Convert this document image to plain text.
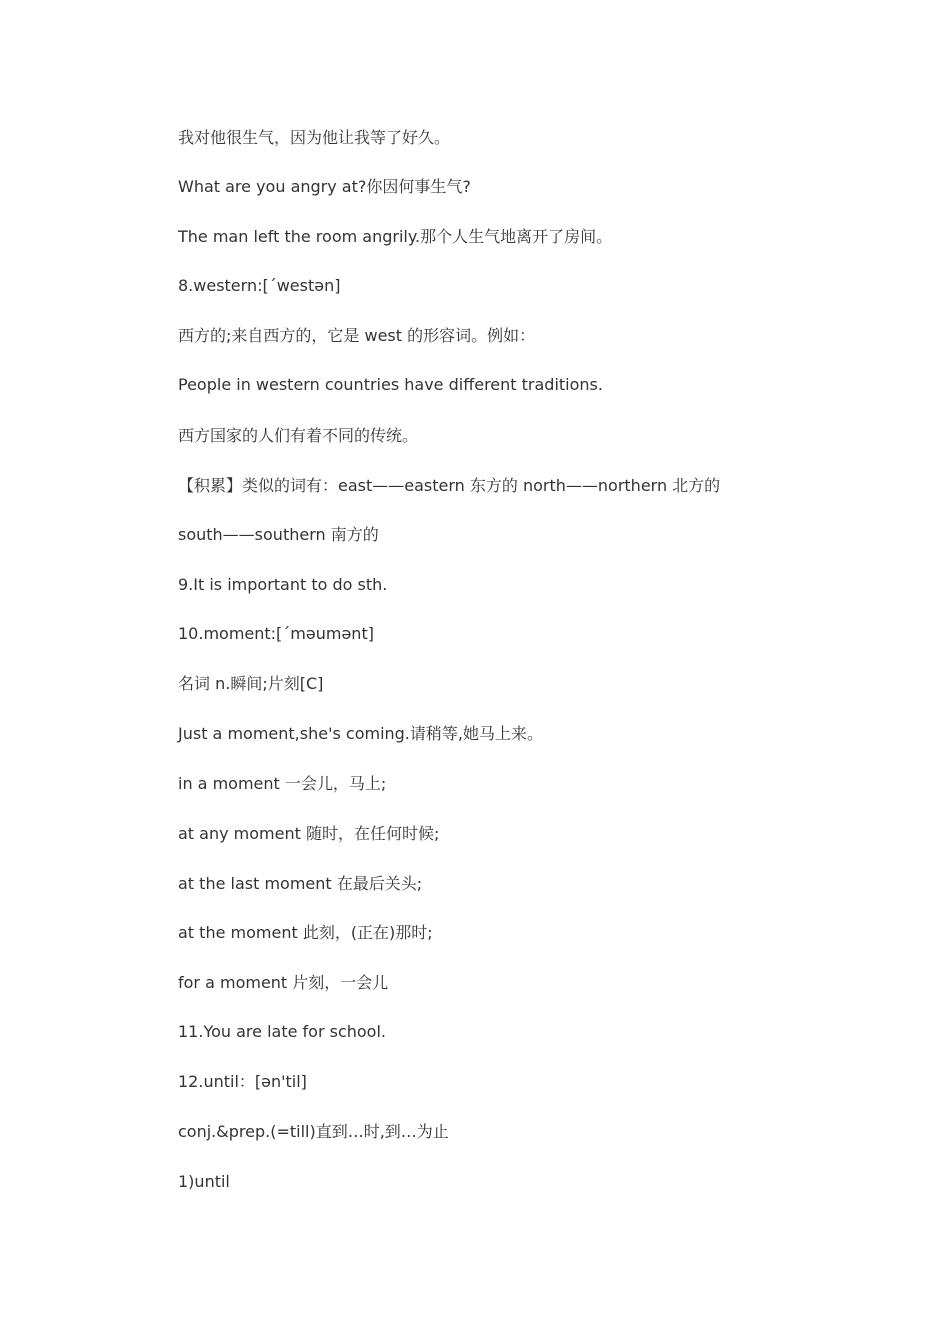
我对他很生气，因为他让我等了好久。
What are you angry at?你因何事生气?
The man left the room angrily.那个人生气地离开了房间。
8.western:[ˊwestən]
西方的;来自西方的，它是 west 的形容词。例如：
People in western countries have different traditions.
西方国家的人们有着不同的传统。
【积累】类似的词有：east——eastern 东方的 north——northern 北方的
south——southern 南方的
9.It is important to do sth.
10.moment:[ˊməumənt]
名词 n.瞬间;片刻[C]
Just a moment,she's coming.请稍等,她马上来。
in a moment 一会儿，马上;
at any moment 随时，在任何时候;
at the last moment 在最后关头;
at the moment 此刻，(正在)那时;
for a moment 片刻，一会儿
11.You are late for school.
12.until：[ən'til]
conj.&prep.(=till)直到…时,到…为止
1)until
